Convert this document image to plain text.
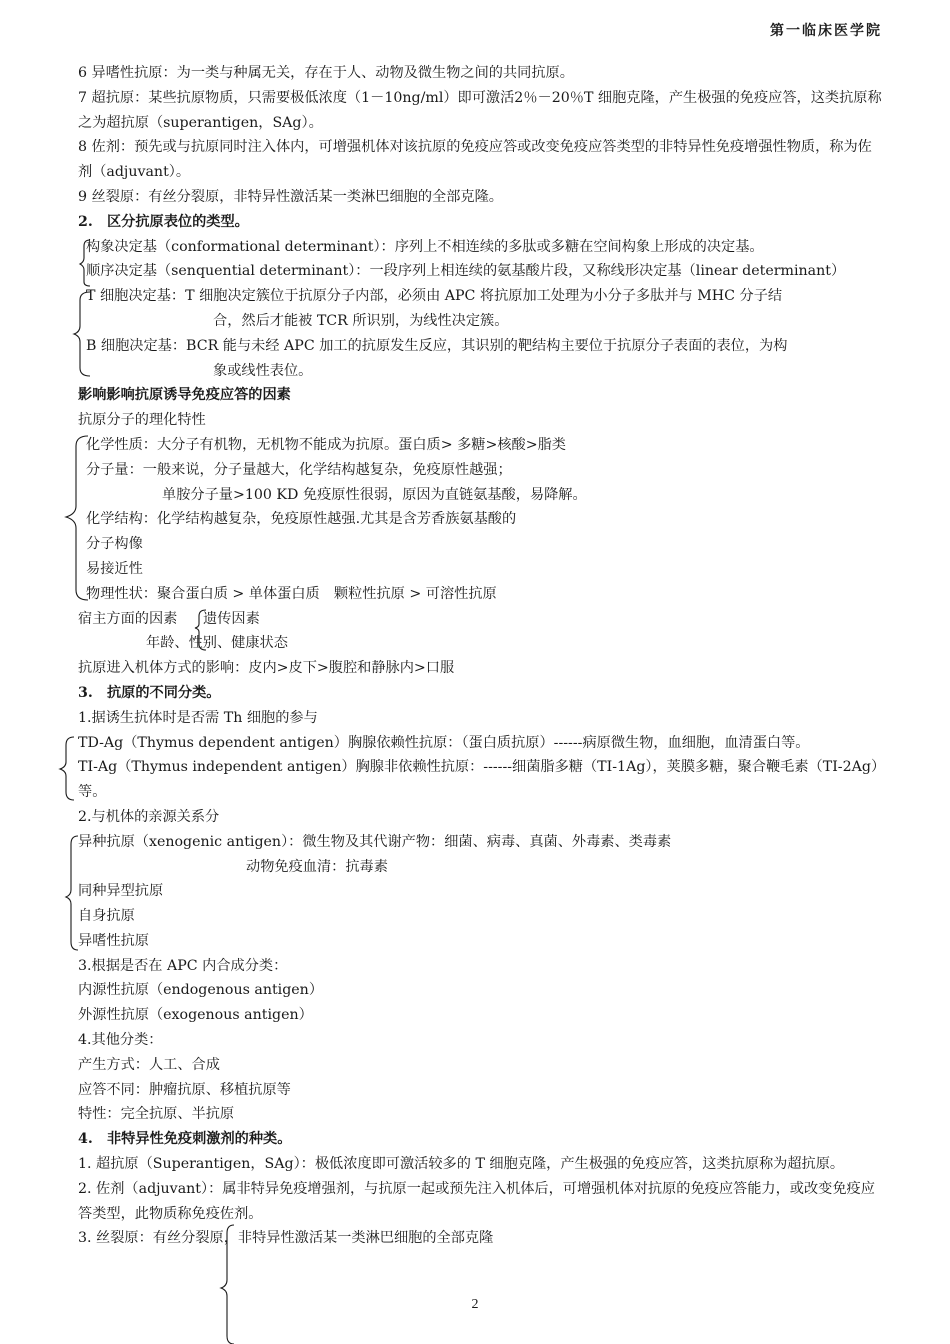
第一临床医学院
6 异嗜性抗原：为一类与种属无关，存在于人、动物及微生物之间的共同抗原。
7 超抗原：某些抗原物质，只需要极低浓度（1－10ng/ml）即可激活2％－20％T 细胞克隆，产生极强的免疫应答，这类抗原称之为超抗原（superantigen，SAg）。
8 佐剂：预先或与抗原同时注入体内，可增强机体对该抗原的免疫应答或改变免疫应答类型的非特异性免疫增强性物质，称为佐剂（adjuvant）。
9 丝裂原：有丝分裂原，非特异性激活某一类淋巴细胞的全部克隆。
2.　区分抗原表位的类型。
构象决定基（conformational determinant）：序列上不相连续的多肽或多糖在空间构象上形成的决定基。
顺序决定基（senquential determinant）：一段序列上相连续的氨基酸片段，又称线形决定基（linear determinant）
T 细胞决定基：T 细胞决定簇位于抗原分子内部，必须由 APC 将抗原加工处理为小分子多肽并与 MHC 分子结
合，然后才能被 TCR 所识别，为线性决定簇。
B 细胞决定基：BCR 能与未经 APC 加工的抗原发生反应，其识别的靶结构主要位于抗原分子表面的表位，为构
象或线性表位。
影响影响抗原诱导免疫应答的因素
抗原分子的理化特性
化学性质：大分子有机物，无机物不能成为抗原。蛋白质> 多糖>核酸>脂类
分子量：一般来说，分子量越大，化学结构越复杂，免疫原性越强；
单胺分子量>100 KD 免疫原性很弱，原因为直链氨基酸，易降解。
化学结构：化学结构越复杂，免疫原性越强.尤其是含芳香族氨基酸的
分子构像
易接近性
物理性状：聚合蛋白质 > 单体蛋白质　颗粒性抗原 > 可溶性抗原
宿主方面的因素 遗传因素
年龄、性别、健康状态
抗原进入机体方式的影响：皮内>皮下>腹腔和静脉内>口服
3.　抗原的不同分类。
1.据诱生抗体时是否需 Th 细胞的参与
TD-Ag（Thymus dependent antigen）胸腺依赖性抗原：（蛋白质抗原）------病原微生物，血细胞，血清蛋白等。
TI-Ag（Thymus independent antigen）胸腺非依赖性抗原：------细菌脂多糖（TI-1Ag），荚膜多糖，聚合鞭毛素（TI-2Ag）等。
2.与机体的亲源关系分
异种抗原（xenogenic antigen）：微生物及其代谢产物：细菌、病毒、真菌、外毒素、类毒素
动物免疫血清：抗毒素
同种异型抗原
自身抗原
异嗜性抗原
3.根据是否在 APC 内合成分类：
内源性抗原（endogenous antigen）
外源性抗原（exogenous antigen）
4.其他分类：
产生方式：人工、合成
应答不同：肿瘤抗原、移植抗原等
特性：完全抗原、半抗原
4.　非特异性免疫刺激剂的种类。
1. 超抗原（Superantigen，SAg）：极低浓度即可激活较多的 T 细胞克隆，产生极强的免疫应答，这类抗原称为超抗原。
2. 佐剂（adjuvant）：属非特异免疫增强剂，与抗原一起或预先注入机体后，可增强机体对抗原的免疫应答能力，或改变免疫应答类型，此物质称免疫佐剂。
3. 丝裂原：有丝分裂原，非特异性激活某一类淋巴细胞的全部克隆
2
